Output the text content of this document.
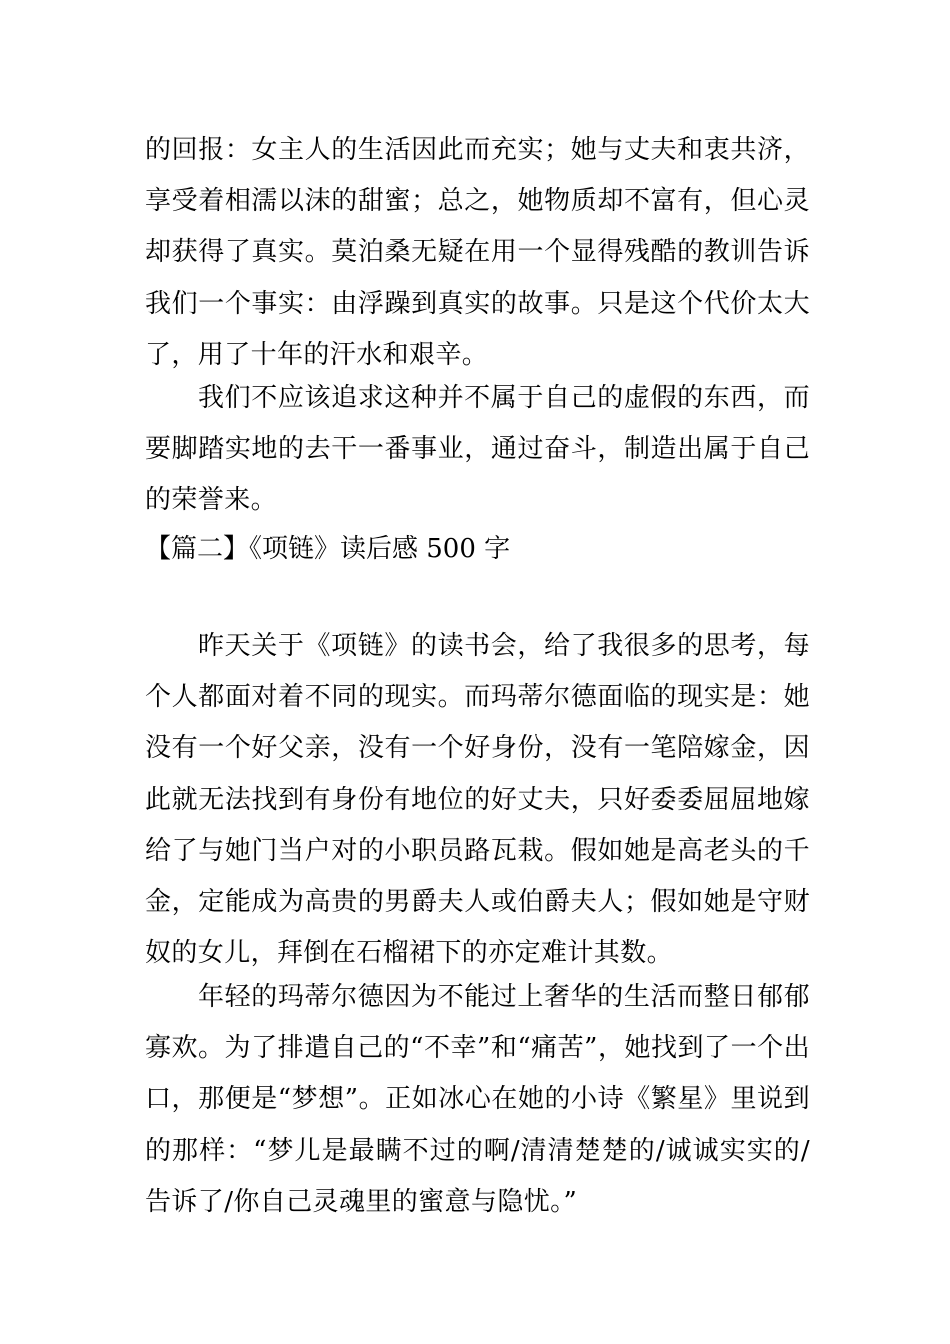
的回报：女主人的生活因此而充实；她与丈夫和衷共济，享受着相濡以沫的甜蜜；总之，她物质却不富有，但心灵却获得了真实。莫泊桑无疑在用一个显得残酷的教训告诉我们一个事实：由浮躁到真实的故事。只是这个代价太大了，用了十年的汗水和艰辛。

我们不应该追求这种并不属于自己的虚假的东西，而要脚踏实地的去干一番事业，通过奋斗，制造出属于自己的荣誉来。

【篇二】《项链》读后感 500 字

昨天关于《项链》的读书会，给了我很多的思考，每个人都面对着不同的现实。而玛蒂尔德面临的现实是：她没有一个好父亲，没有一个好身份，没有一笔陪嫁金，因此就无法找到有身份有地位的好丈夫，只好委委屈屈地嫁给了与她门当户对的小职员路瓦栽。假如她是高老头的千金，定能成为高贵的男爵夫人或伯爵夫人；假如她是守财奴的女儿，拜倒在石榴裙下的亦定难计其数。

年轻的玛蒂尔德因为不能过上奢华的生活而整日郁郁寡欢。为了排遣自己的“不幸”和“痛苦”，她找到了一个出口，那便是“梦想”。正如冰心在她的小诗《繁星》里说到的那样：“梦儿是最瞒不过的啊/清清楚楚的/诚诚实实的/告诉了/你自己灵魂里的蜜意与隐忧。”
